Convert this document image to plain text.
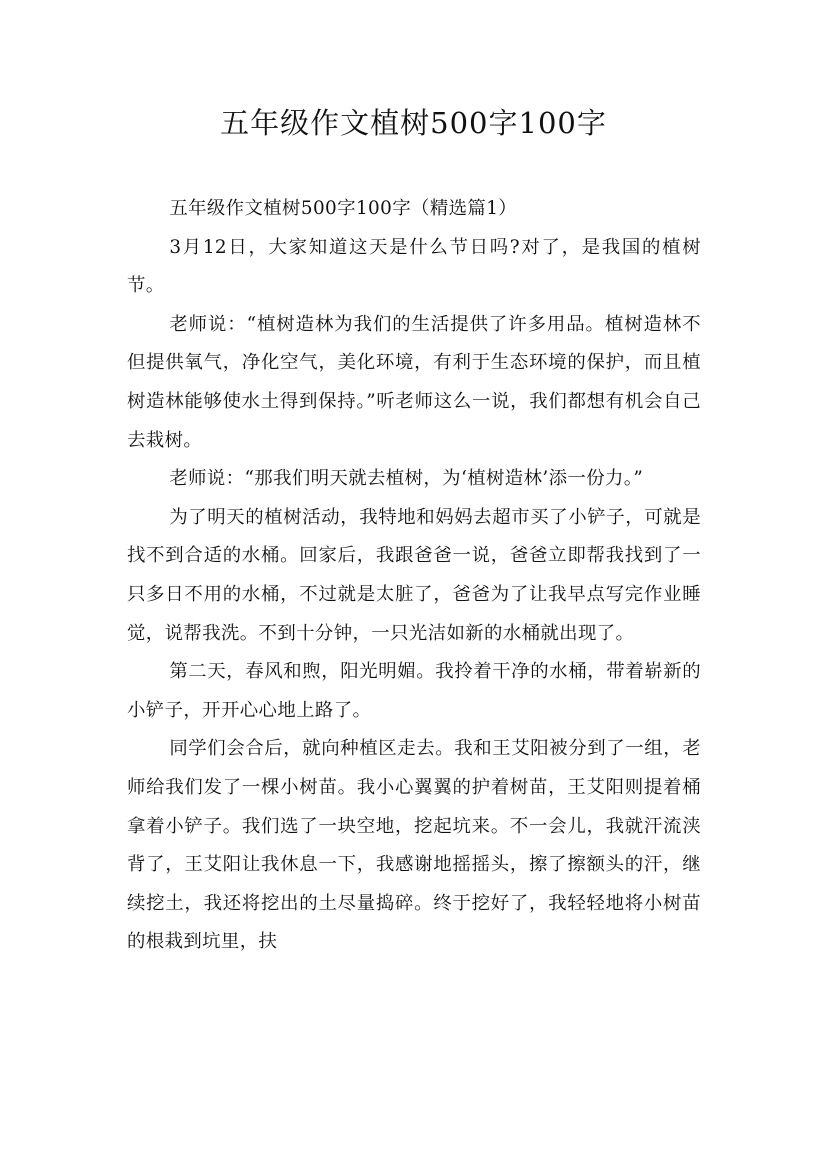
五年级作文植树500字100字

五年级作文植树500字100字（精选篇1）

3月12日，大家知道这天是什么节日吗?对了，是我国的植树节。

老师说：“植树造林为我们的生活提供了许多用品。植树造林不但提供氧气，净化空气，美化环境，有利于生态环境的保护，而且植树造林能够使水土得到保持。”听老师这么一说，我们都想有机会自己去栽树。

老师说：“那我们明天就去植树，为‘植树造林’添一份力。”

为了明天的植树活动，我特地和妈妈去超市买了小铲子，可就是找不到合适的水桶。回家后，我跟爸爸一说，爸爸立即帮我找到了一只多日不用的水桶，不过就是太脏了，爸爸为了让我早点写完作业睡觉，说帮我洗。不到十分钟，一只光洁如新的水桶就出现了。

第二天，春风和煦，阳光明媚。我拎着干净的水桶，带着崭新的小铲子，开开心心地上路了。

同学们会合后，就向种植区走去。我和王艾阳被分到了一组，老师给我们发了一棵小树苗。我小心翼翼的护着树苗，王艾阳则提着桶拿着小铲子。我们选了一块空地，挖起坑来。不一会儿，我就汗流浃背了，王艾阳让我休息一下，我感谢地摇摇头，擦了擦额头的汗，继续挖土，我还将挖出的土尽量捣碎。终于挖好了，我轻轻地将小树苗的根栽到坑里，扶
